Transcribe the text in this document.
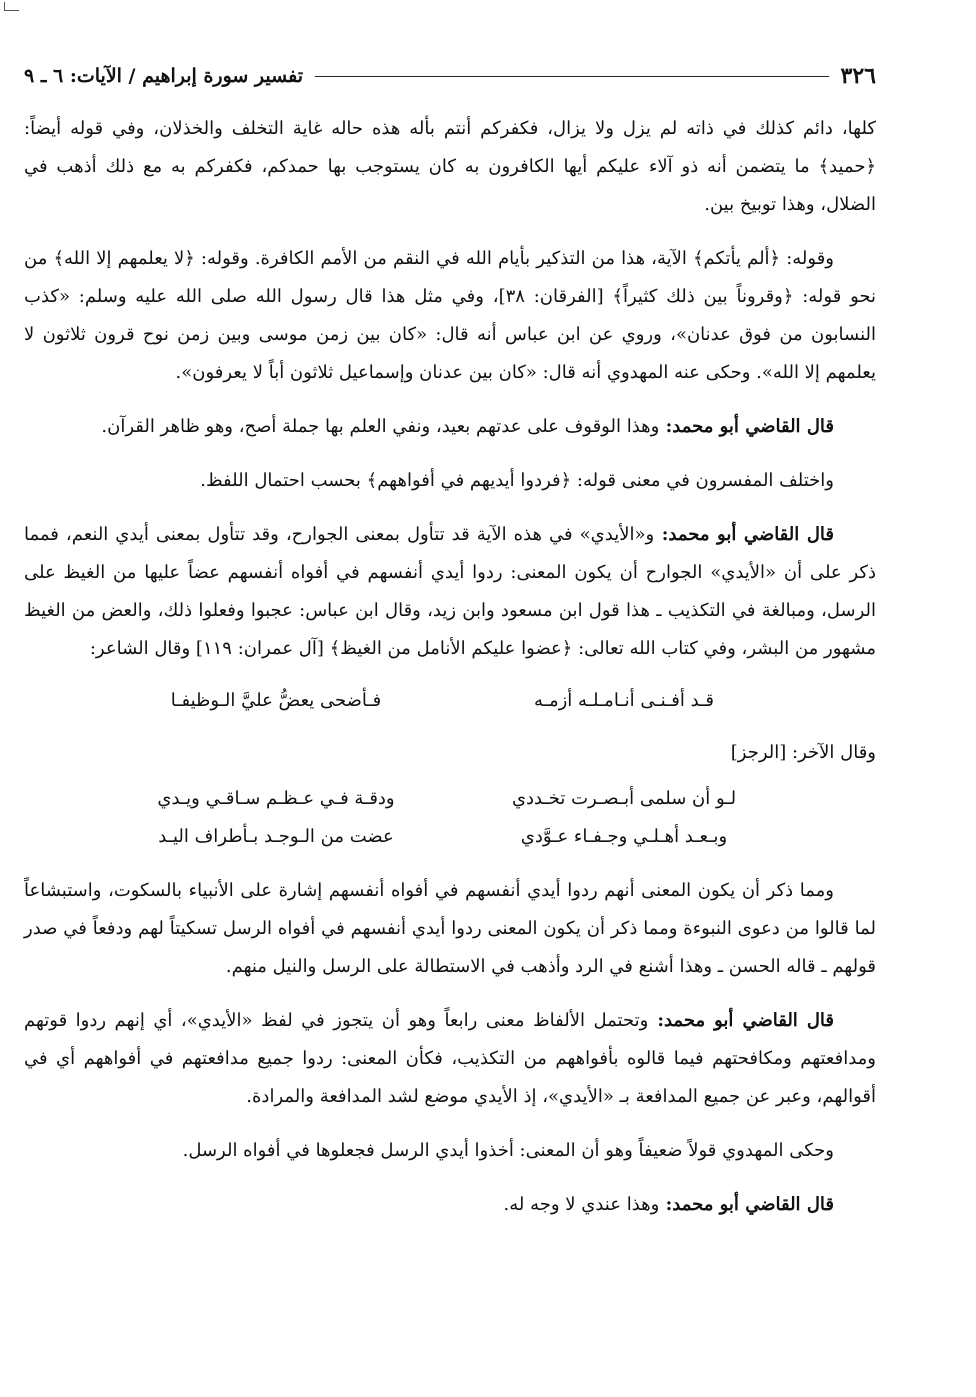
٣٢٦
تفسير سورة إبراهيم / الآيات: ٦ ـ ٩

كلها، دائم كذلك في ذاته لم يزل ولا يزال، فكفركم أنتم بأله هذه حاله غاية التخلف والخذلان، وفي قوله أيضاً: ﴿حميد﴾ ما يتضمن أنه ذو آلاء عليكم أيها الكافرون به كان يستوجب بها حمدكم، فكفركم به مع ذلك أذهب في الضلال، وهذا توبيخ بين.

وقوله: ﴿ألم يأتكم﴾ الآية، هذا من التذكير بأيام الله في النقم من الأمم الكافرة. وقوله: ﴿لا يعلمهم إلا الله﴾ من نحو قوله: ﴿وقروناً بين ذلك كثيراً﴾ [الفرقان: ٣٨]، وفي مثل هذا قال رسول الله صلى الله عليه وسلم: «كذب النسابون من فوق عدنان»، وروي عن ابن عباس أنه قال: «كان بين زمن موسى وبين زمن نوح قرون ثلاثون لا يعلمهم إلا الله». وحكى عنه المهدوي أنه قال: «كان بين عدنان وإسماعيل ثلاثون أباً لا يعرفون».

قال القاضي أبو محمد: وهذا الوقوف على عدتهم بعيد، ونفي العلم بها جملة أصح، وهو ظاهر القرآن.

واختلف المفسرون في معنى قوله: ﴿فردوا أيديهم في أفواههم﴾ بحسب احتمال اللفظ.

قال القاضي أبو محمد: و«الأيدي» في هذه الآية قد تتأول بمعنى الجوارح، وقد تتأول بمعنى أيدي النعم، فمما ذكر على أن «الأيدي» الجوارح أن يكون المعنى: ردوا أيدي أنفسهم في أفواه أنفسهم عضاً عليها من الغيظ على الرسل، ومبالغة في التكذيب ـ هذا قول ابن مسعود وابن زيد، وقال ابن عباس: عجبوا وفعلوا ذلك، والعض من الغيظ مشهور من البشر، وفي كتاب الله تعالى: ﴿عضوا عليكم الأنامل من الغيظ﴾ [آل عمران: ١١٩] وقال الشاعر:

قـد أفـنـى أنـامـلـه أزمـه
فـأضحى يعضُّ عليَّ الـوظيفـا

وقال الآخر: [الرجز]

لـو أن سلمى أبـصـرت تخـددي
ودقـة فـي عـظـم سـاقـي ويـدي
وبـعـد أهـلـي وجـفـاء عـوَّدي
عضت من الـوجـد بـأطراف اليـد

ومما ذكر أن يكون المعنى أنهم ردوا أيدي أنفسهم في أفواه أنفسهم إشارة على الأنبياء بالسكوت، واستبشاعاً لما قالوا من دعوى النبوءة ومما ذكر أن يكون المعنى ردوا أيدي أنفسهم في أفواه الرسل تسكيتاً لهم ودفعاً في صدر قولهم ـ قاله الحسن ـ وهذا أشنع في الرد وأذهب في الاستطالة على الرسل والنيل منهم.

قال القاضي أبو محمد: وتحتمل الألفاظ معنى رابعاً وهو أن يتجوز في لفظ «الأيدي»، أي إنهم ردوا قوتهم ومدافعتهم ومكافحتهم فيما قالوه بأفواههم من التكذيب، فكأن المعنى: ردوا جميع مدافعتهم في أفواههم أي في أقوالهم، وعبر عن جميع المدافعة بـ «الأيدي»، إذ الأيدي موضع لشد المدافعة والمرادة.

وحكى المهدوي قولاً ضعيفاً وهو أن المعنى: أخذوا أيدي الرسل فجعلوها في أفواه الرسل.

قال القاضي أبو محمد: وهذا عندي لا وجه له.
